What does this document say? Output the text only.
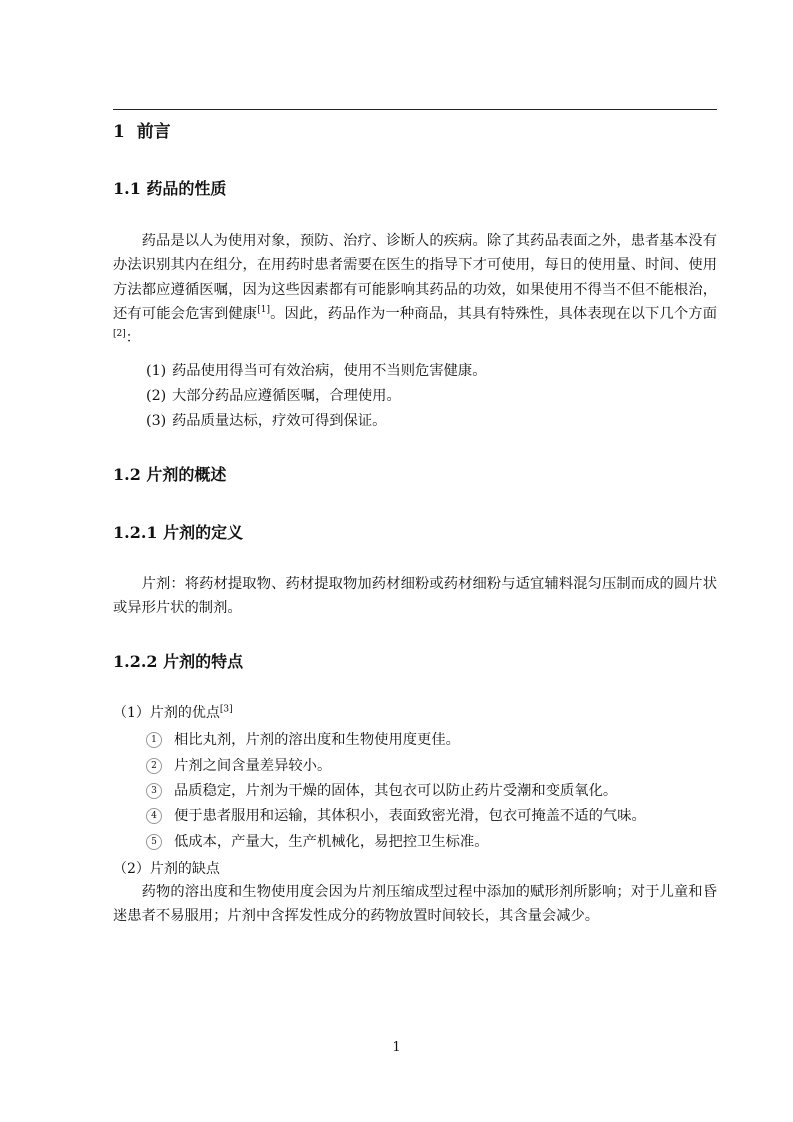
1 前言
1.1 药品的性质

药品是以人为使用对象，预防、治疗、诊断人的疾病。除了其药品表面之外，患者基本没有办法识别其内在组分，在用药时患者需要在医生的指导下才可使用，每日的使用量、时间、使用方法都应遵循医嘱，因为这些因素都有可能影响其药品的功效，如果使用不得当不但不能根治，还有可能会危害到健康[1]。因此，药品作为一种商品，其具有特殊性，具体表现在以下几个方面[2]：

(1) 药品使用得当可有效治病，使用不当则危害健康。
(2) 大部分药品应遵循医嘱，合理使用。
(3) 药品质量达标，疗效可得到保证。
1.2 片剂的概述
1.2.1 片剂的定义

片剂：将药材提取物、药材提取物加药材细粉或药材细粉与适宜辅料混匀压制而成的圆片状或异形片状的制剂。

1.2.2 片剂的特点
（1）片剂的优点[3]
1 相比丸剂，片剂的溶出度和生物使用度更佳。
2 片剂之间含量差异较小。
3 品质稳定，片剂为干燥的固体，其包衣可以防止药片受潮和变质氧化。
4 便于患者服用和运输，其体积小，表面致密光滑，包衣可掩盖不适的气味。
5 低成本，产量大，生产机械化，易把控卫生标准。
（2）片剂的缺点

药物的溶出度和生物使用度会因为片剂压缩成型过程中添加的赋形剂所影响；对于儿童和昏迷患者不易服用；片剂中含挥发性成分的药物放置时间较长，其含量会减少。

1
